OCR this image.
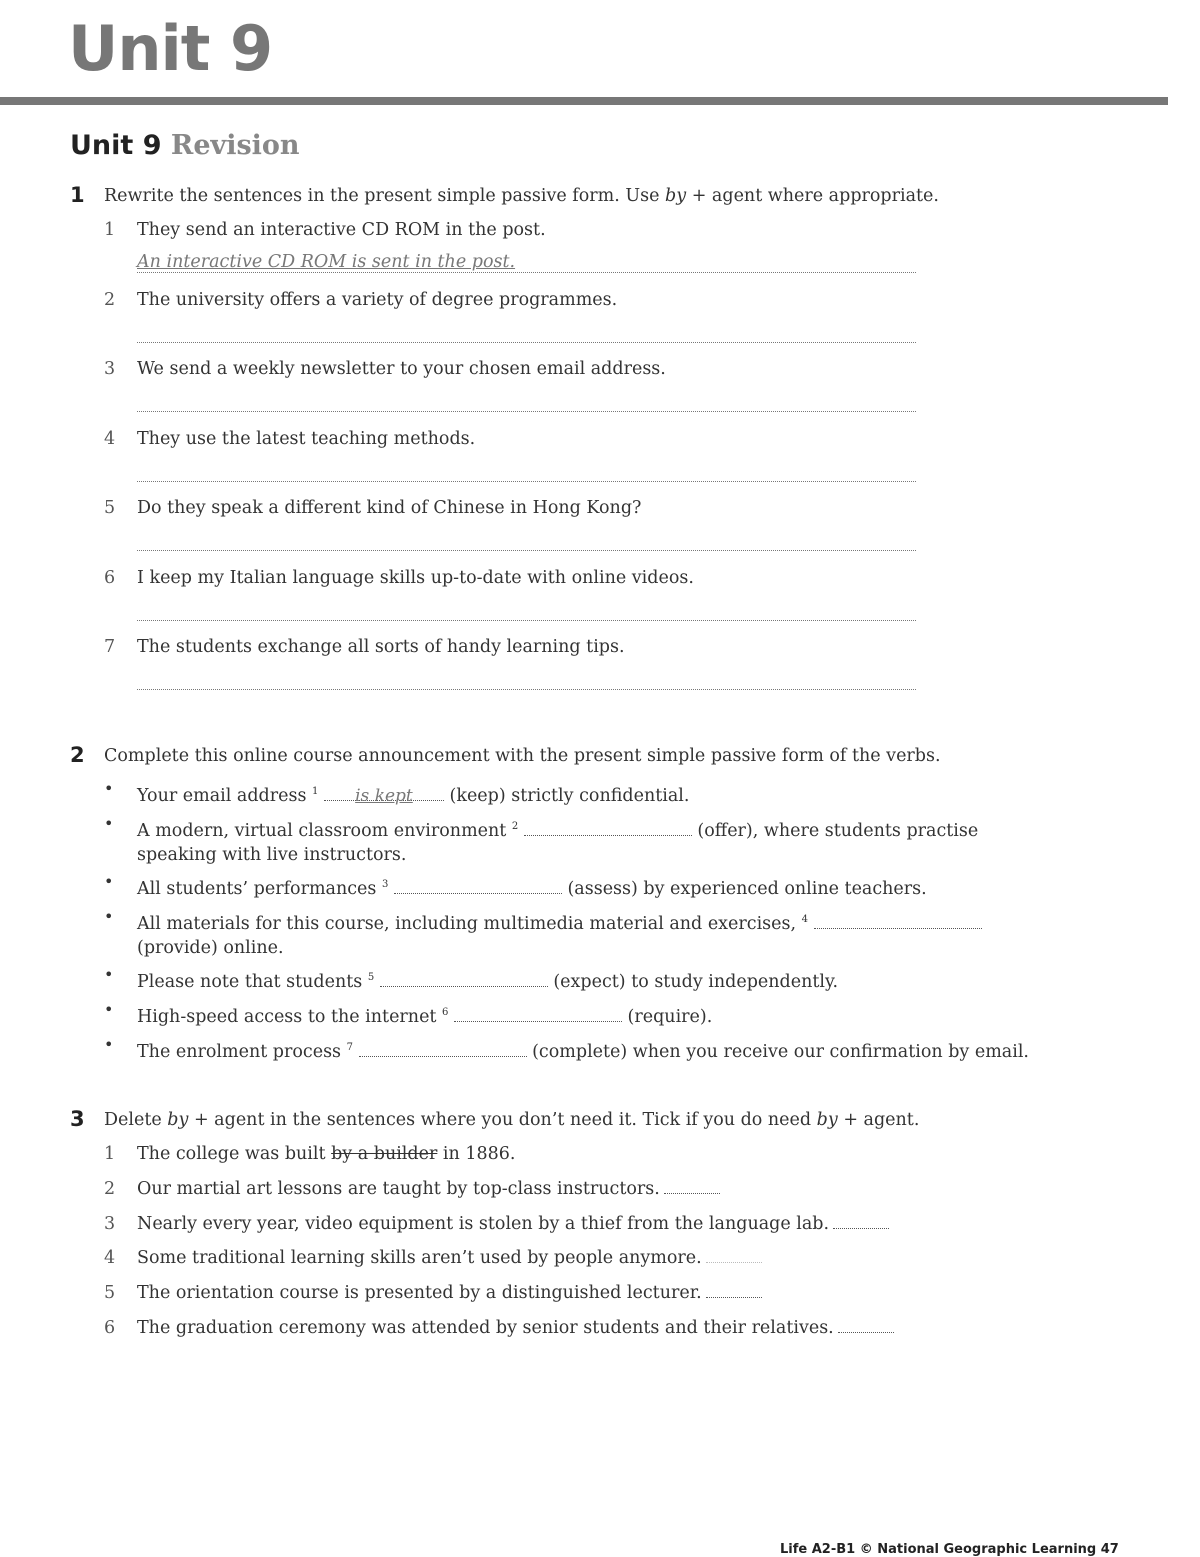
Unit 9
Unit 9 Revision
1	Rewrite the sentences in the present simple passive form. Use by + agent where appropriate.
1	They send an interactive CD ROM in the post.
An interactive CD ROM is sent in the post.
2	The university offers a variety of degree programmes.
3	We send a weekly newsletter to your chosen email address.
4	They use the latest teaching methods.
5	Do they speak a different kind of Chinese in Hong Kong?
6	I keep my Italian language skills up-to-date with online videos.
7	The students exchange all sorts of handy learning tips.
2	Complete this online course announcement with the present simple passive form of the verbs.
• Your email address $^1$ is kept (keep) strictly confidential.
• A modern, virtual classroom environment $^2$	(offer), where students practise speaking with live instructors.
• All students’ performances $^3$	(assess) by experienced online teachers.
• All materials for this course, including multimedia material and exercises, $^4$  (provide) online.
• Please note that students $^5$	(expect) to study independently.
• High-speed access to the internet $^6$	(require).
• The enrolment process $^7$	(complete) when you receive our confirmation by email.
3	Delete by + agent in the sentences where you don’t need it. Tick if you do need by + agent.
1	The college was built by a builder in 1886.
2	Our martial art lessons are taught by top-class instructors.
3	Nearly every year, video equipment is stolen by a thief from the language lab.
4	Some traditional learning skills aren’t used by people anymore.
5	The orientation course is presented by a distinguished lecturer.
6	The graduation ceremony was attended by senior students and their relatives.
Life A2-B1 © National Geographic Learning 47
